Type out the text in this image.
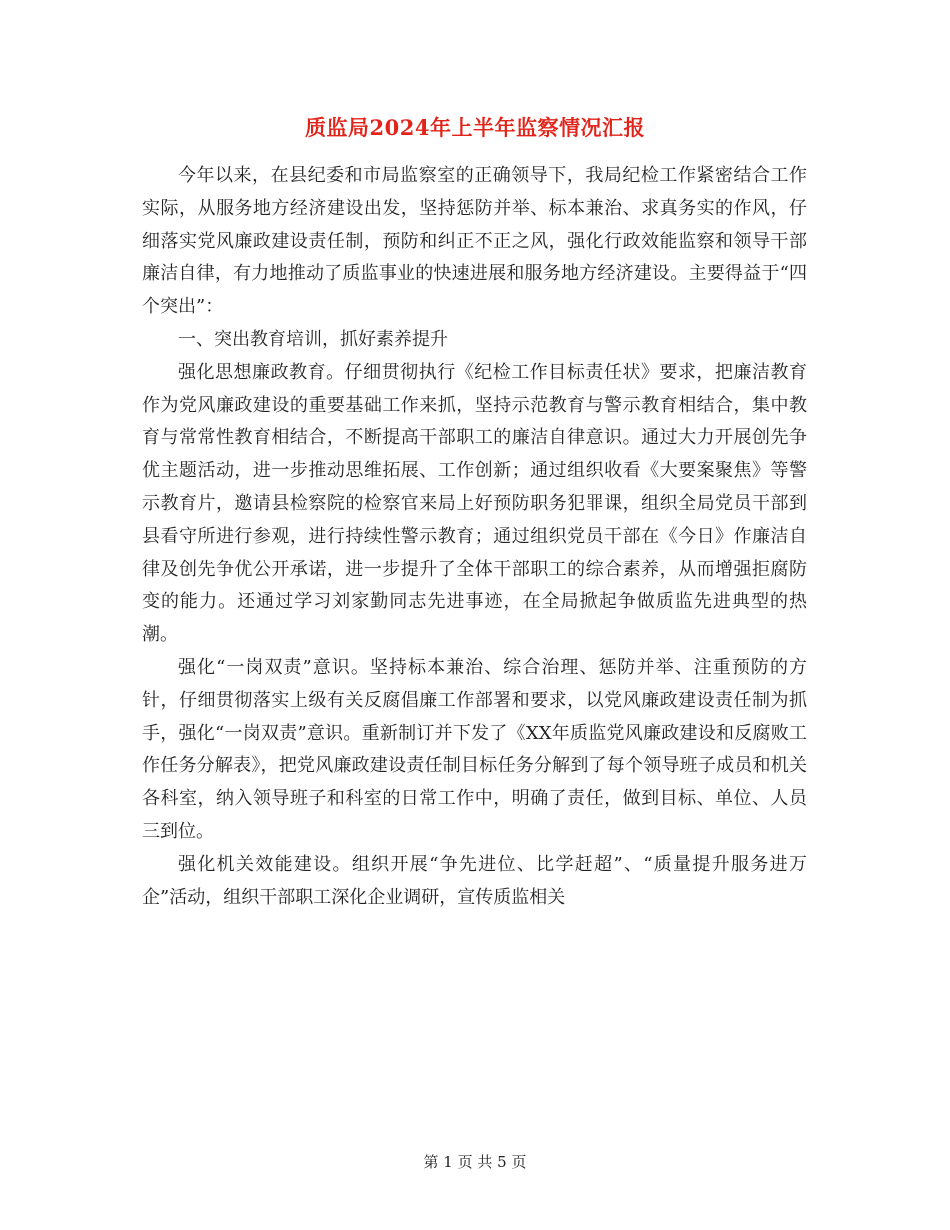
质监局2024年上半年监察情况汇报

今年以来，在县纪委和市局监察室的正确领导下，我局纪检工作紧密结合工作实际，从服务地方经济建设出发，坚持惩防并举、标本兼治、求真务实的作风，仔细落实党风廉政建设责任制，预防和纠正不正之风，强化行政效能监察和领导干部廉洁自律，有力地推动了质监事业的快速进展和服务地方经济建设。主要得益于“四个突出”：

一、突出教育培训，抓好素养提升

强化思想廉政教育。仔细贯彻执行《纪检工作目标责任状》要求，把廉洁教育作为党风廉政建设的重要基础工作来抓，坚持示范教育与警示教育相结合，集中教育与常常性教育相结合，不断提高干部职工的廉洁自律意识。通过大力开展创先争优主题活动，进一步推动思维拓展、工作创新；通过组织收看《大要案聚焦》等警示教育片，邀请县检察院的检察官来局上好预防职务犯罪课，组织全局党员干部到县看守所进行参观，进行持续性警示教育；通过组织党员干部在《今日》作廉洁自律及创先争优公开承诺，进一步提升了全体干部职工的综合素养，从而增强拒腐防变的能力。还通过学习刘家勤同志先进事迹，在全局掀起争做质监先进典型的热潮。

强化“一岗双责”意识。坚持标本兼治、综合治理、惩防并举、注重预防的方针，仔细贯彻落实上级有关反腐倡廉工作部署和要求，以党风廉政建设责任制为抓手，强化“一岗双责”意识。重新制订并下发了《XX年质监党风廉政建设和反腐败工作任务分解表》，把党风廉政建设责任制目标任务分解到了每个领导班子成员和机关各科室，纳入领导班子和科室的日常工作中，明确了责任，做到目标、单位、人员三到位。

强化机关效能建设。组织开展“争先进位、比学赶超”、“质量提升服务进万企”活动，组织干部职工深化企业调研，宣传质监相关

第 1 页 共 5 页
